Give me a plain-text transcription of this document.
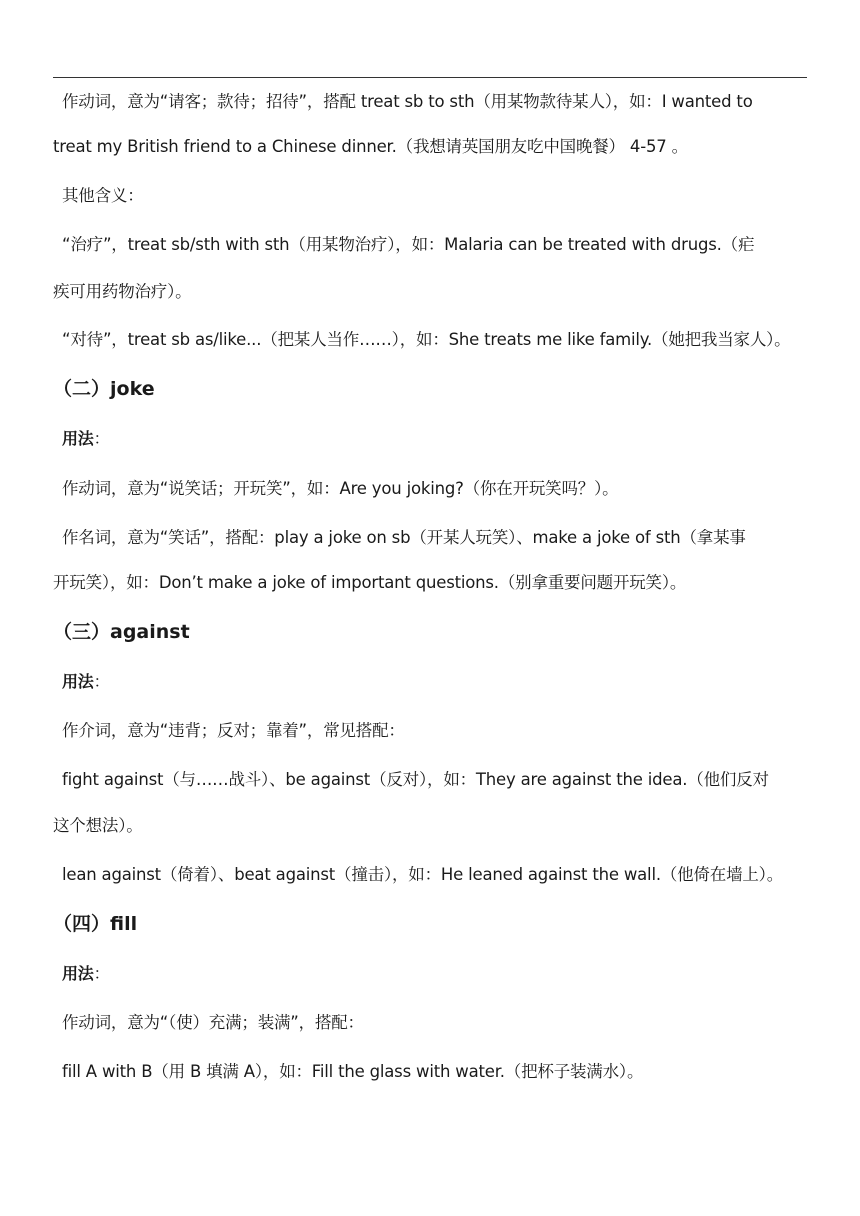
作动词，意为“请客；款待；招待”，搭配 treat sb to sth（用某物款待某人），如：I wanted to
treat my British friend to a Chinese dinner.（我想请英国朋友吃中国晚餐） 4-57 。
其他含义：
“治疗”，treat sb/sth with sth（用某物治疗），如：Malaria can be treated with drugs.（疟
疾可用药物治疗）。
“对待”，treat sb as/like...（把某人当作……），如：She treats me like family.（她把我当家人）。
（二）joke
用法：
作动词，意为“说笑话；开玩笑”，如：Are you joking?（你在开玩笑吗？）。
作名词，意为“笑话”，搭配：play a joke on sb（开某人玩笑）、make a joke of sth（拿某事
开玩笑），如：Don’t make a joke of important questions.（别拿重要问题开玩笑）。
（三）against
用法：
作介词，意为“违背；反对；靠着”，常见搭配：
fight against（与……战斗）、be against（反对），如：They are against the idea.（他们反对
这个想法）。
lean against（倚着）、beat against（撞击），如：He leaned against the wall.（他倚在墙上）。
（四）fill
用法：
作动词，意为“（使）充满；装满”，搭配：
fill A with B（用 B 填满 A），如：Fill the glass with water.（把杯子装满水）。
